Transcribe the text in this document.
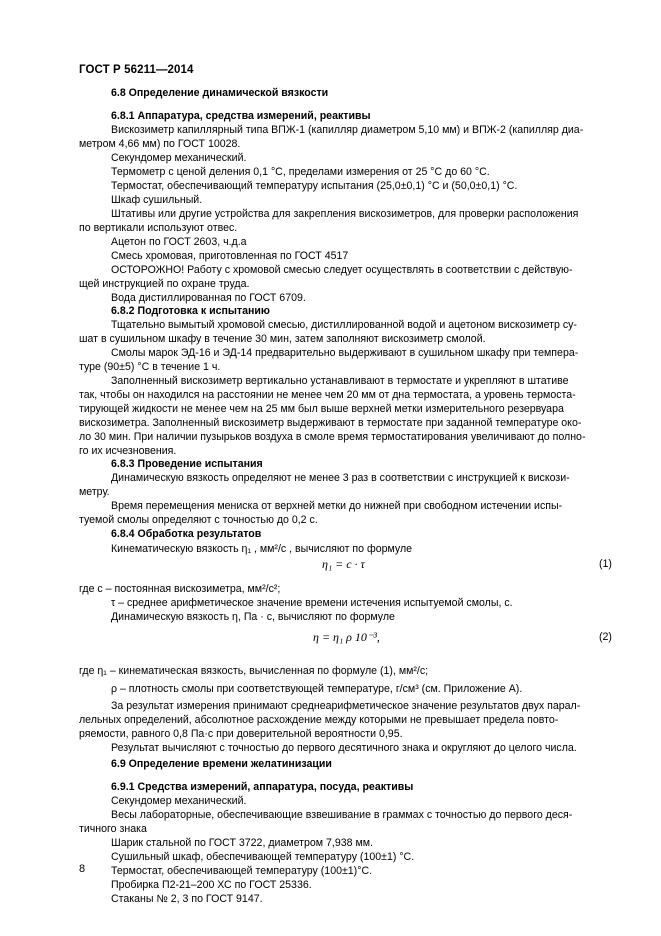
ГОСТ Р 56211—2014
6.8 Определение динамической вязкости
6.8.1 Аппаратура, средства измерений, реактивы
Вискозиметр капиллярный типа ВПЖ-1 (капилляр диаметром 5,10 мм) и ВПЖ-2 (капилляр диа-
метром 4,66 мм) по ГОСТ 10028.
Секундомер механический.
Термометр с ценой деления 0,1 °С, пределами измерения от 25 °С до 60 °С.
Термостат, обеспечивающий температуру испытания (25,0±0,1) °С и (50,0±0,1) °С.
Шкаф сушильный.
Штативы или другие устройства для закрепления вискозиметров, для проверки расположения
по вертикали используют отвес.
Ацетон по ГОСТ 2603, ч.д.а
Смесь хромовая, приготовленная по ГОСТ 4517
ОСТОРОЖНО! Работу с хромовой смесью следует осуществлять в соответствии с действую-
щей инструкцией по охране труда.
Вода дистиллированная по ГОСТ 6709.
6.8.2 Подготовка к испытанию
Тщательно вымытый хромовой смесью, дистиллированной водой и ацетоном вискозиметр су-
шат в сушильном шкафу в течение 30 мин, затем заполняют вискозиметр смолой.
Смолы марок ЭД-16 и ЭД-14 предварительно выдерживают в сушильном шкафу при темпера-
туре (90±5) °С в течение 1 ч.
Заполненный вискозиметр вертикально устанавливают в термостате и укрепляют в штативе
так, чтобы он находился на расстоянии не менее чем 20 мм от дна термостата, а уровень термоста-
тирующей жидкости не менее чем на 25 мм был выше верхней метки измерительного резервуара
вискозиметра. Заполненный вискозиметр выдерживают в термостате при заданной температуре око-
ло 30 мин. При наличии пузырьков воздуха в смоле время термостатирования увеличивают до полно-
го их исчезновения.
6.8.3 Проведение испытания
Динамическую вязкость определяют не менее 3 раз в соответствии с инструкцией к вискози-
метру.
Время перемещения мениска от верхней метки до нижней при свободном истечении испы-
туемой смолы определяют с точностью до 0,2 с.
6.8.4 Обработка результатов
Кинематическую вязкость η₁ , мм²/с , вычисляют по формуле
где с – постоянная вискозиметра, мм²/с²;
τ – среднее арифметическое значение времени истечения испытуемой смолы, с.
Динамическую вязкость η, Па · с, вычисляют по формуле
где η₁ – кинематическая вязкость, вычисленная по формуле (1), мм²/с;
ρ – плотность смолы при соответствующей температуре, г/см³ (см. Приложение А).
За результат измерения принимают среднеарифметическое значение результатов двух парал-
лельных определений, абсолютное расхождение между которыми не превышает предела повто-
ряемости, равного 0,8 Па·с при доверительной вероятности 0,95.
Результат вычисляют с точностью до первого десятичного знака и округляют до целого числа.
6.9 Определение времени желатинизации
6.9.1 Средства измерений, аппаратура, посуда, реактивы
Секундомер механический.
Весы лабораторные, обеспечивающие взвешивание в граммах с точностью до первого деся-
тичного знака
Шарик стальной по ГОСТ 3722, диаметром 7,938 мм.
Сушильный шкаф, обеспечивающей температуру (100±1) °С.
Термостат, обеспечивающей температуру (100±1)°С.
Пробирка П2-21–200 ХС по ГОСТ 25336.
Стаканы № 2, 3 по ГОСТ 9147.
η₁ = c · τ	(1)
η = η₁ ρ 10⁻³,	(2)
8
